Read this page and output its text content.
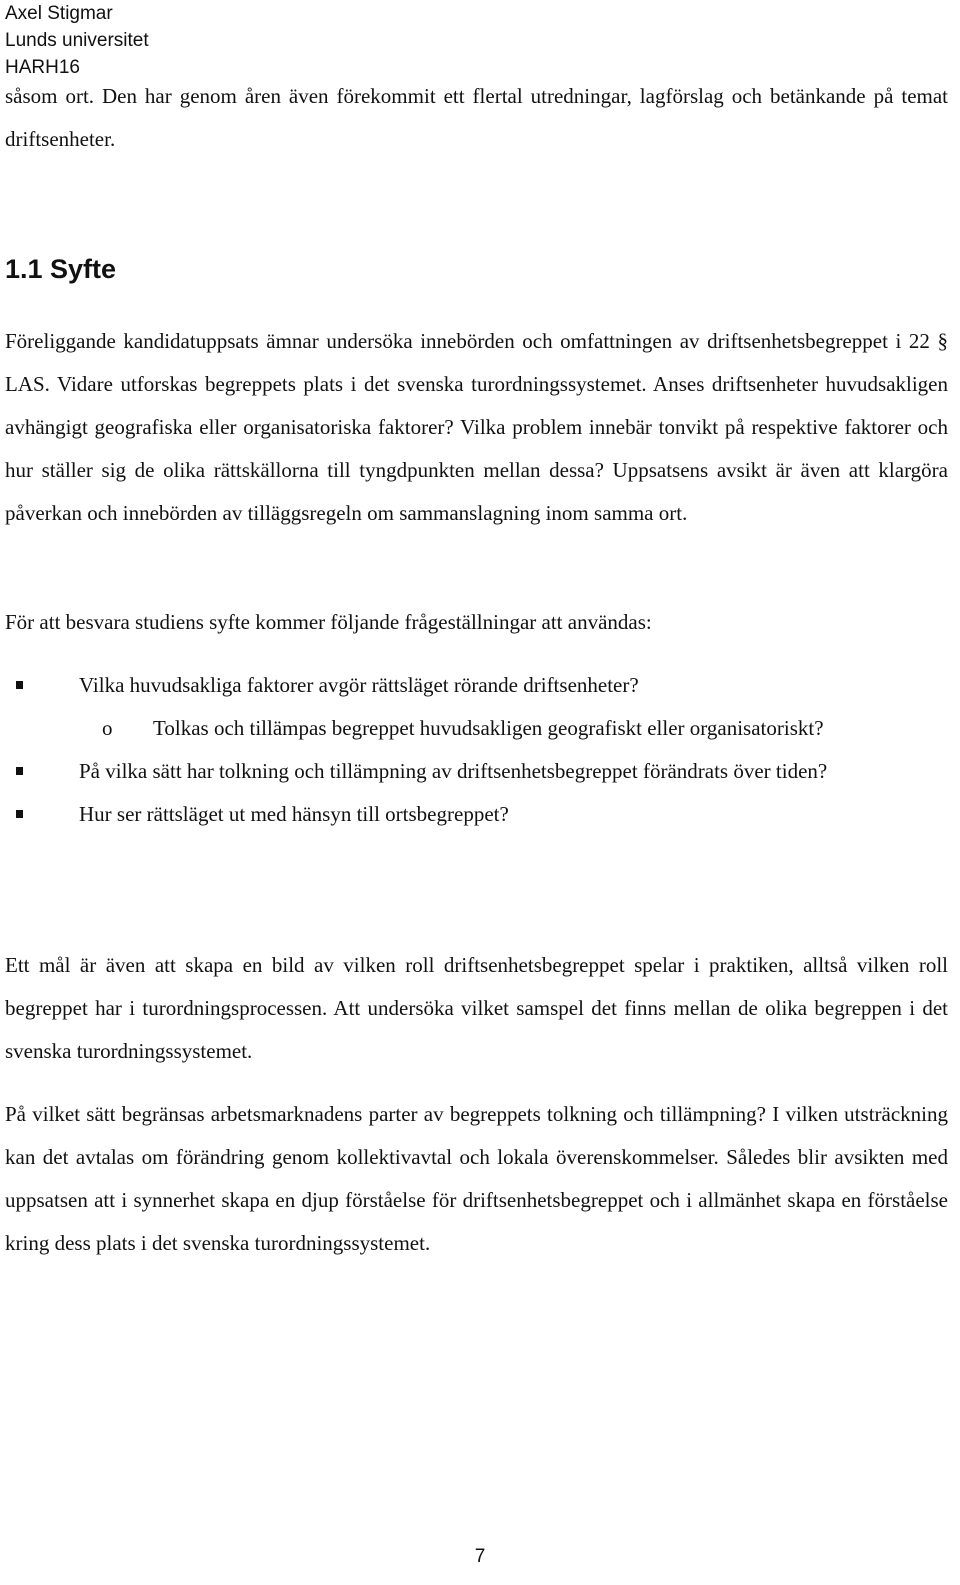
Axel Stigmar
Lunds universitet
HARH16

såsom ort. Den har genom åren även förekommit ett flertal utredningar, lagförslag och betänkande på temat driftsenheter.

1.1 Syfte

Föreliggande kandidatuppsats ämnar undersöka innebörden och omfattningen av driftsenhetsbegreppet i 22 § LAS. Vidare utforskas begreppets plats i det svenska turordningssystemet. Anses driftsenheter huvudsakligen avhängigt geografiska eller organisatoriska faktorer? Vilka problem innebär tonvikt på respektive faktorer och hur ställer sig de olika rättskällorna till tyngdpunkten mellan dessa? Uppsatsens avsikt är även att klargöra påverkan och innebörden av tilläggsregeln om sammanslagning inom samma ort.

För att besvara studiens syfte kommer följande frågeställningar att användas:

Vilka huvudsakliga faktorer avgör rättsläget rörande driftsenheter?
o Tolkas och tillämpas begreppet huvudsakligen geografiskt eller organisatoriskt?
På vilka sätt har tolkning och tillämpning av driftsenhetsbegreppet förändrats över tiden?
Hur ser rättsläget ut med hänsyn till ortsbegreppet?

Ett mål är även att skapa en bild av vilken roll driftsenhetsbegreppet spelar i praktiken, alltså vilken roll begreppet har i turordningsprocessen. Att undersöka vilket samspel det finns mellan de olika begreppen i det svenska turordningssystemet.

På vilket sätt begränsas arbetsmarknadens parter av begreppets tolkning och tillämpning? I vilken utsträckning kan det avtalas om förändring genom kollektivavtal och lokala överenskommelser. Således blir avsikten med uppsatsen att i synnerhet skapa en djup förståelse för driftsenhetsbegreppet och i allmänhet skapa en förståelse kring dess plats i det svenska turordningssystemet.

7
